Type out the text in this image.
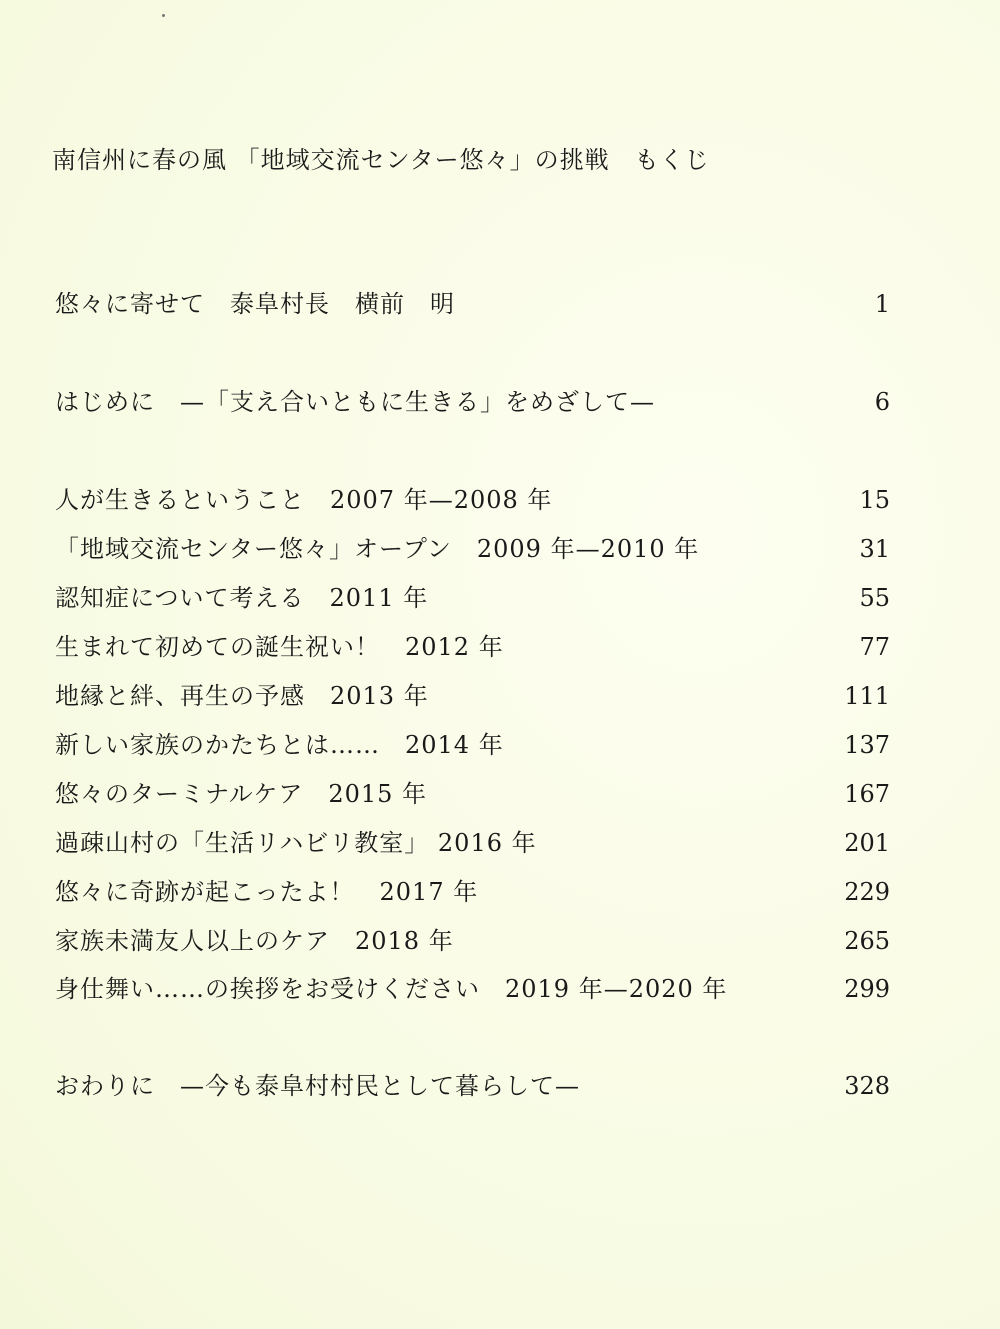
南信州に春の風 「地域交流センター悠々」の挑戦　もくじ
悠々に寄せて　泰阜村長　横前　明	1
はじめに　—「支え合いともに生きる」をめざして—	6
人が生きるということ　2007 年—2008 年	15
「地域交流センター悠々」オープン　2009 年—2010 年	31
認知症について考える　2011 年	55
生まれて初めての誕生祝い！　2012 年	77
地縁と絆、再生の予感　2013 年	111
新しい家族のかたちとは……　2014 年	137
悠々のターミナルケア　2015 年	167
過疎山村の「生活リハビリ教室」 2016 年	201
悠々に奇跡が起こったよ！　2017 年	229
家族未満友人以上のケア　2018 年	265
身仕舞い……の挨拶をお受けください　2019 年—2020 年	299
おわりに　—今も泰阜村村民として暮らして—	328
